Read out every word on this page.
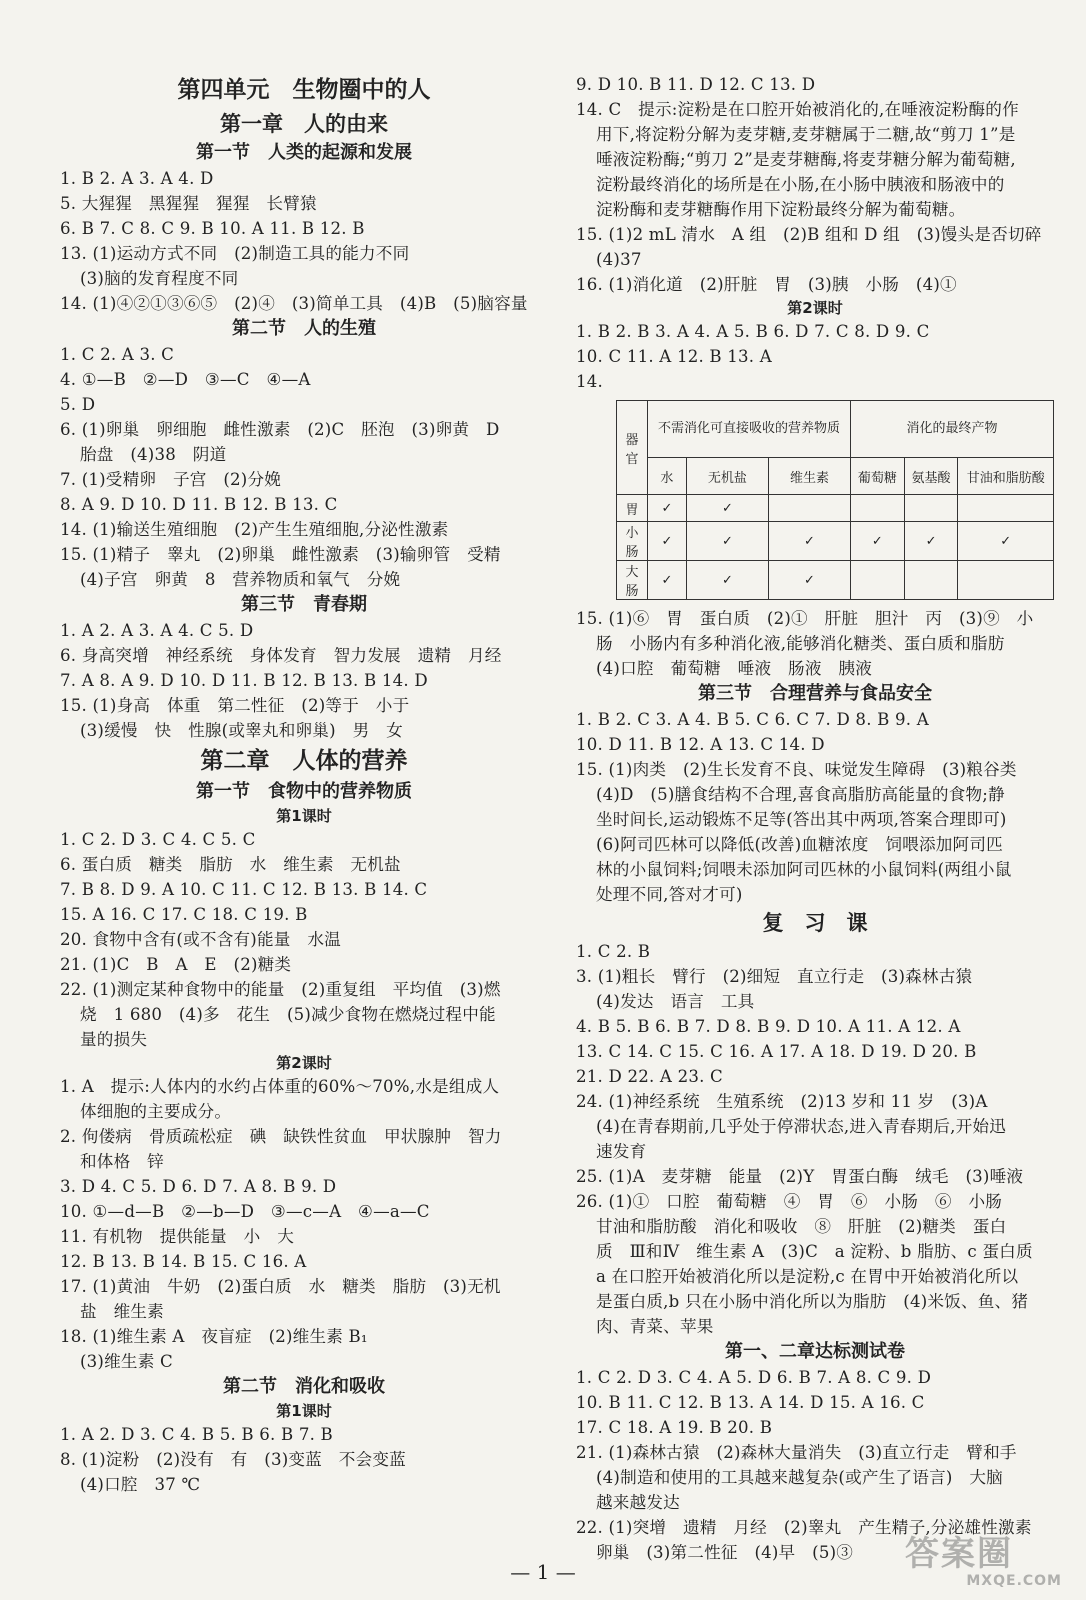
第四单元　生物圈中的人
第一章　人的由来
第一节　人类的起源和发展
1. B 2. A 3. A 4. D
5. 大猩猩　黑猩猩　猩猩　长臂猿
6. B 7. C 8. C 9. B 10. A 11. B 12. B
13. (1)运动方式不同　(2)制造工具的能力不同
(3)脑的发育程度不同
14. (1)④②①③⑥⑤　(2)④　(3)简单工具　(4)B　(5)脑容量
第二节　人的生殖
1. C 2. A 3. C
4. ①—B　②—D　③—C　④—A
5. D
6. (1)卵巢　卵细胞　雌性激素　(2)C　胚泡　(3)卵黄　D
胎盘　(4)38　阴道
7. (1)受精卵　子宫　(2)分娩
8. A 9. D 10. D 11. B 12. B 13. C
14. (1)输送生殖细胞　(2)产生生殖细胞,分泌性激素
15. (1)精子　睾丸　(2)卵巢　雌性激素　(3)输卵管　受精
(4)子宫　卵黄　8　营养物质和氧气　分娩
第三节　青春期
1. A 2. A 3. A 4. C 5. D
6. 身高突增　神经系统　身体发育　智力发展　遗精　月经
7. A 8. A 9. D 10. D 11. B 12. B 13. B 14. D
15. (1)身高　体重　第二性征　(2)等于　小于
(3)缓慢　快　性腺(或睾丸和卵巢)　男　女
第二章　人体的营养
第一节　食物中的营养物质
第1课时
1. C 2. D 3. C 4. C 5. C
6. 蛋白质　糖类　脂肪　水　维生素　无机盐
7. B 8. D 9. A 10. C 11. C 12. B 13. B 14. C
15. A 16. C 17. C 18. C 19. B
20. 食物中含有(或不含有)能量　水温
21. (1)C　B　A　E　(2)糖类
22. (1)测定某种食物中的能量　(2)重复组　平均值　(3)燃
烧　1 680　(4)多　花生　(5)减少食物在燃烧过程中能
量的损失
第2课时
1. A　提示:人体内的水约占体重的60%～70%,水是组成人
体细胞的主要成分。
2. 佝偻病　骨质疏松症　碘　缺铁性贫血　甲状腺肿　智力
和体格　锌
3. D 4. C 5. D 6. D 7. A 8. B 9. D
10. ①—d—B　②—b—D　③—c—A　④—a—C
11. 有机物　提供能量　小　大
12. B 13. B 14. B 15. C 16. A
17. (1)黄油　牛奶　(2)蛋白质　水　糖类　脂肪　(3)无机
盐　维生素
18. (1)维生素 A　夜盲症　(2)维生素 B₁
(3)维生素 C
第二节　消化和吸收
第1课时
1. A 2. D 3. C 4. B 5. B 6. B 7. B
8. (1)淀粉　(2)没有　有　(3)变蓝　不会变蓝
(4)口腔　37 ℃
9. D 10. B 11. D 12. C 13. D
14. C　提示:淀粉是在口腔开始被消化的,在唾液淀粉酶的作
用下,将淀粉分解为麦芽糖,麦芽糖属于二糖,故“剪刀 1”是
唾液淀粉酶;“剪刀 2”是麦芽糖酶,将麦芽糖分解为葡萄糖,
淀粉最终消化的场所是在小肠,在小肠中胰液和肠液中的
淀粉酶和麦芽糖酶作用下淀粉最终分解为葡萄糖。
15. (1)2 mL 清水　A 组　(2)B 组和 D 组　(3)馒头是否切碎
(4)37
16. (1)消化道　(2)肝脏　胃　(3)胰　小肠　(4)①
第2课时
1. B 2. B 3. A 4. A 5. B 6. D 7. C 8. D 9. C
10. C 11. A 12. B 13. A
14.
器官	不需消化可直接吸收的营养物质			消化的最终产物		
	水	无机盐	维生素	葡萄糖	氨基酸	甘油和脂肪酸
胃	✓	✓				
小肠	✓	✓	✓	✓	✓	✓
大肠	✓	✓	✓			
15. (1)⑥　胃　蛋白质　(2)①　肝脏　胆汁　丙　(3)⑨　小
肠　小肠内有多种消化液,能够消化糖类、蛋白质和脂肪
(4)口腔　葡萄糖　唾液　肠液　胰液
第三节　合理营养与食品安全
1. B 2. C 3. A 4. B 5. C 6. C 7. D 8. B 9. A
10. D 11. B 12. A 13. C 14. D
15. (1)肉类　(2)生长发育不良、味觉发生障碍　(3)粮谷类
(4)D　(5)膳食结构不合理,喜食高脂肪高能量的食物;静
坐时间长,运动锻炼不足等(答出其中两项,答案合理即可)
(6)阿司匹林可以降低(改善)血糖浓度　饲喂添加阿司匹
林的小鼠饲料;饲喂未添加阿司匹林的小鼠饲料(两组小鼠
处理不同,答对才可)
复　习　课
1. C 2. B
3. (1)粗长　臂行　(2)细短　直立行走　(3)森林古猿
(4)发达　语言　工具
4. B 5. B 6. B 7. D 8. B 9. D 10. A 11. A 12. A
13. C 14. C 15. C 16. A 17. A 18. D 19. D 20. B
21. D 22. A 23. C
24. (1)神经系统　生殖系统　(2)13 岁和 11 岁　(3)A
(4)在青春期前,几乎处于停滞状态,进入青春期后,开始迅
速发育
25. (1)A　麦芽糖　能量　(2)Y　胃蛋白酶　绒毛　(3)唾液
26. (1)①　口腔　葡萄糖　④　胃　⑥　小肠　⑥　小肠
甘油和脂肪酸　消化和吸收　⑧　肝脏　(2)糖类　蛋白
质　Ⅲ和Ⅳ　维生素 A　(3)C　a 淀粉、b 脂肪、c 蛋白质
a 在口腔开始被消化所以是淀粉,c 在胃中开始被消化所以
是蛋白质,b 只在小肠中消化所以为脂肪　(4)米饭、鱼、猪
肉、青菜、苹果
第一、二章达标测试卷
1. C 2. D 3. C 4. A 5. D 6. B 7. A 8. C 9. D
10. B 11. C 12. B 13. A 14. D 15. A 16. C
17. C 18. A 19. B 20. B
21. (1)森林古猿　(2)森林大量消失　(3)直立行走　臂和手
(4)制造和使用的工具越来越复杂(或产生了语言)　大脑
越来越发达
22. (1)突增　遗精　月经　(2)睾丸　产生精子,分泌雄性激素
卵巢　(3)第二性征　(4)早　(5)③
— 1 —	答案圈
MXQE.COM
